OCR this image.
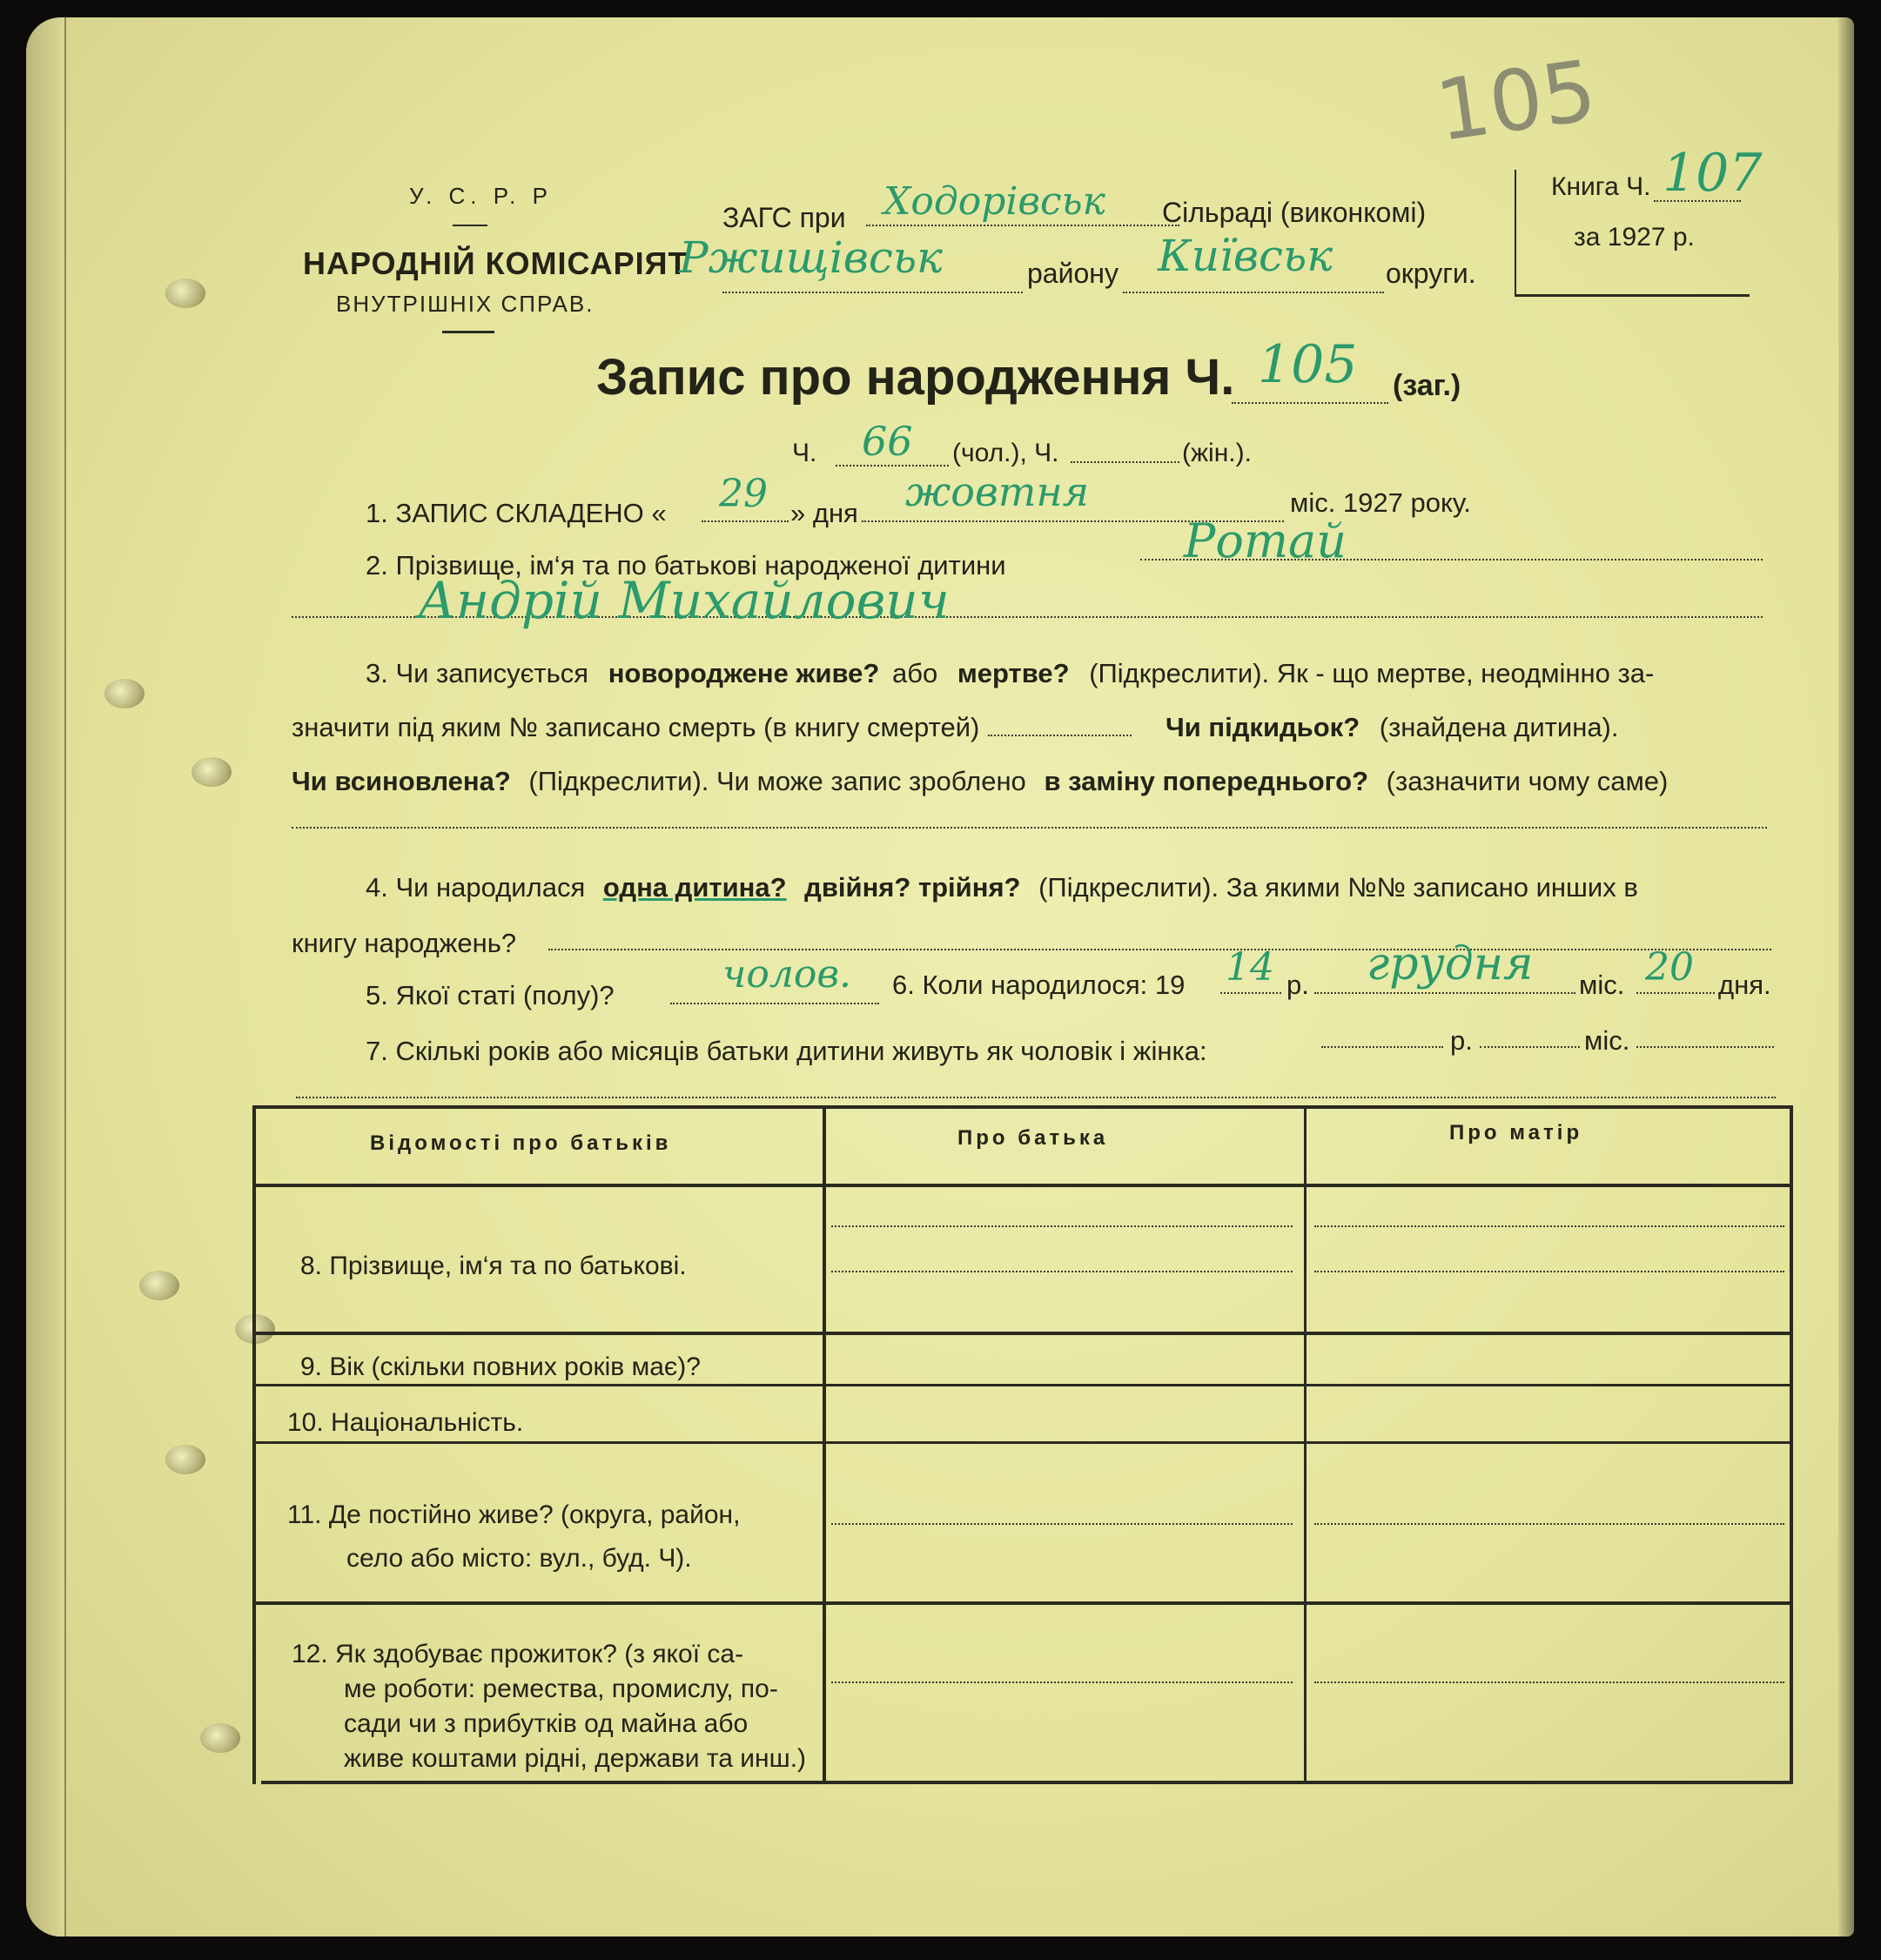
У. С. Р. Р
НАРОДНІЙ КОМІСАРІЯТ
ВНУТРІШНІХ СПРАВ.
ЗАГС при Ходорівськ Сільраді (виконкомі)
Ржищівськ	району Київськ округи.
Книга Ч. 107
за 1927 р.
105
Запис про народження Ч. 105 (заг.)
Ч. 66 (чол.), Ч.	(жін.).
1. ЗАПИС СКЛАДЕНО « 29 » дня жовтня	міс. 1927 року.
2. Прізвище, ім‘я та по батькові народженої дитини	Ротай
Андрій Михайлович
3. Чи записується новороджене живе? або мертве? (Підкреслити). Як - що мертве, неодмінно за-
значити під яким № записано смерть (в книгу смертей)	Чи підкидьок? (знайдена дитина).
Чи всиновлена? (Підкреслити). Чи може запис зроблено в заміну попереднього? (зазначити чому саме)
4. Чи народилася одна дитина? двійня? трійня? (Підкреслити). За якими №№ записано инших в
книгу народжень?
5. Якої статі (полу)?	чолов. 6. Коли народилося: 19 14 р. грудня міс. 20 дня.
7. Скількі років або місяців батьки дитини живуть як чоловік і жінка:	р.	міс.
Відомості про батьків	Про батька	Про матір
8. Прізвище, ім‘я та по батькові.
9. Вік (скільки повних років має)?
10. Національність.
11. Де постійно живе? (округа, район,
село або місто: вул., буд. Ч).
12. Як здобуває прожиток? (з якої са-
ме роботи: ремества, промислу, по-
сади чи з прибутків од майна або
живе коштами рідні, держави та инш.)
